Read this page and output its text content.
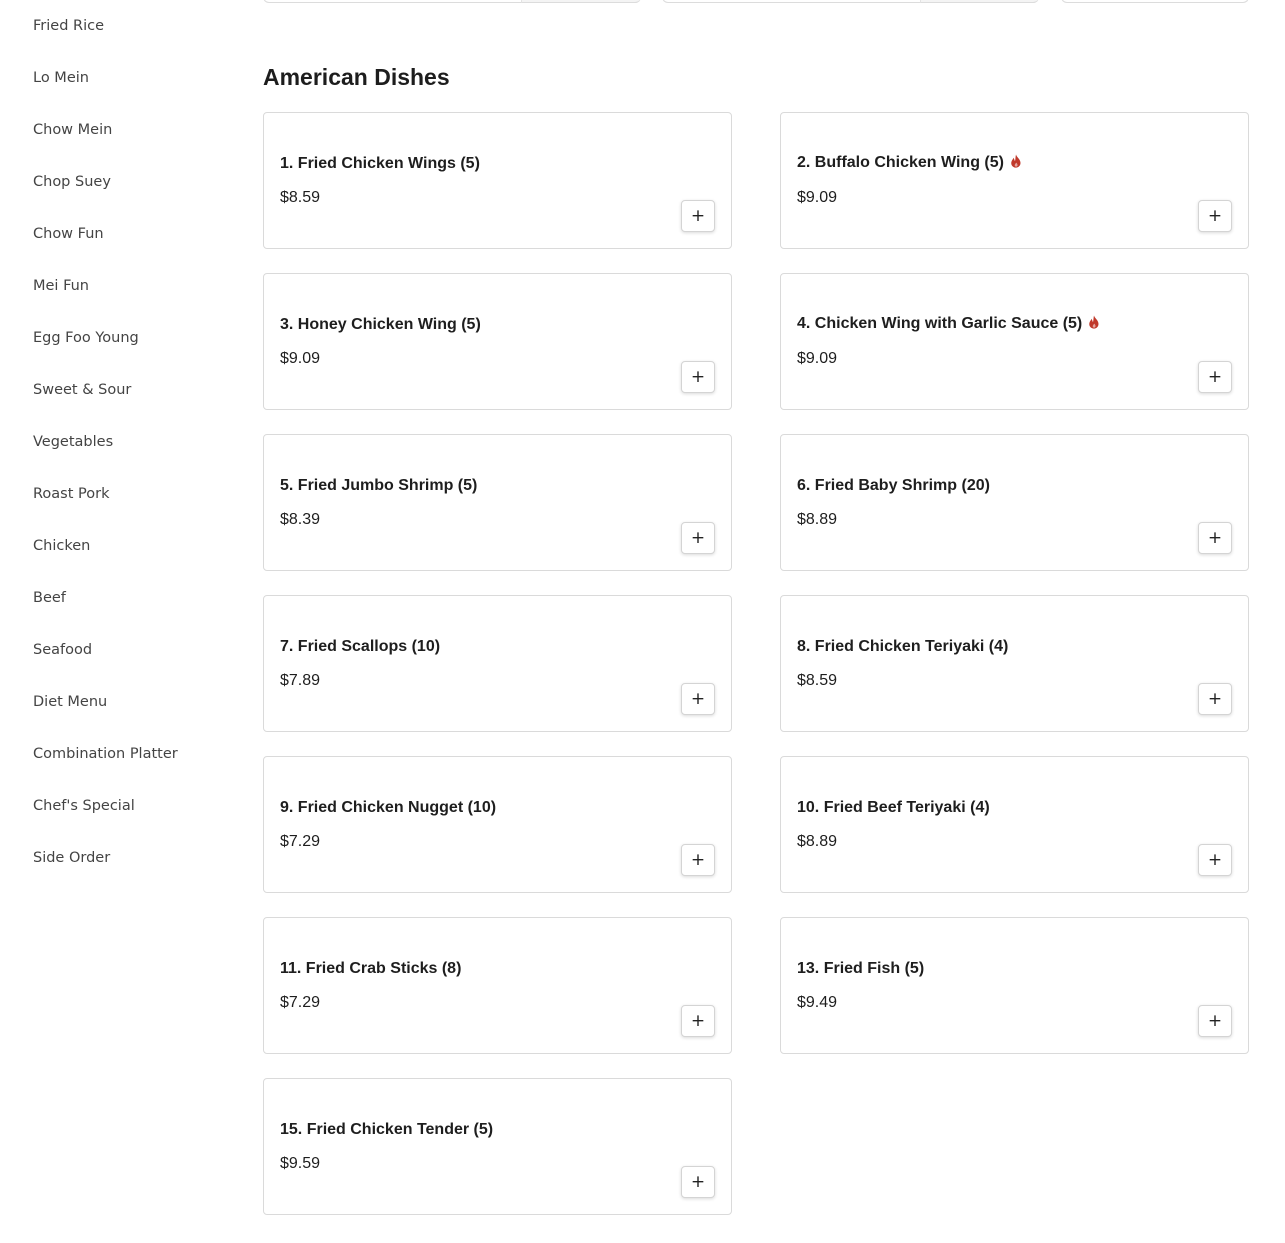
Fried Rice
Lo Mein
Chow Mein
Chop Suey
Chow Fun
Mei Fun
Egg Foo Young
Sweet & Sour
Vegetables
Roast Pork
Chicken
Beef
Seafood
Diet Menu
Combination Platter
Chef's Special
Side Order
American Dishes
1. Fried Chicken Wings (5)
$8.59
+
2. Buffalo Chicken Wing (5)
$9.09
+
3. Honey Chicken Wing (5)
$9.09
+
4. Chicken Wing with Garlic Sauce (5)
$9.09
+
5. Fried Jumbo Shrimp (5)
$8.39
+
6. Fried Baby Shrimp (20)
$8.89
+
7. Fried Scallops (10)
$7.89
+
8. Fried Chicken Teriyaki (4)
$8.59
+
9. Fried Chicken Nugget (10)
$7.29
+
10. Fried Beef Teriyaki (4)
$8.89
+
11. Fried Crab Sticks (8)
$7.29
+
13. Fried Fish (5)
$9.49
+
15. Fried Chicken Tender (5)
$9.59
+
